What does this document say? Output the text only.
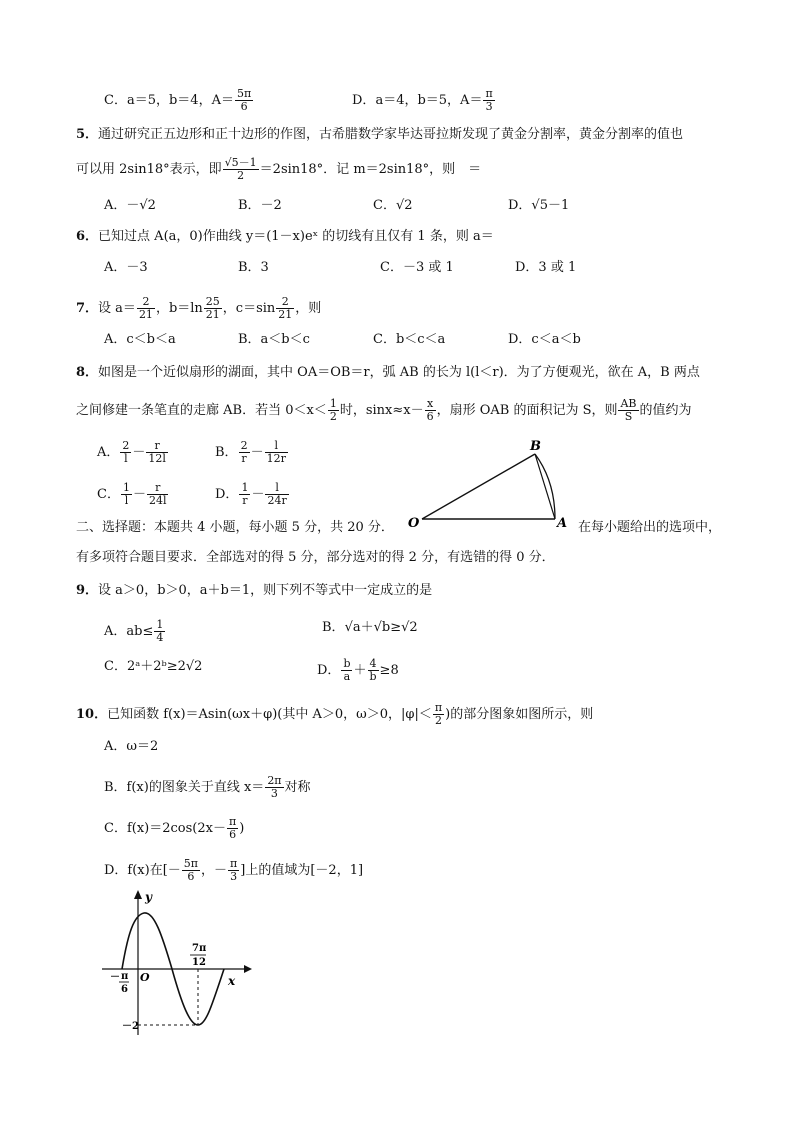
C．a＝5，b＝4，$A= \frac{5\pi}{6}$	D．a＝4，b＝5，$A= \frac{\pi}{3}$
5．通过研究正五边形和正十边形的作图，古希腊数学家毕达哥拉斯发现了黄金分割率，黄金分割率的值也
可以用 2sin18°表示，即 $\frac{√5-1}{2} =2\sin 18^\circ$．记 m＝2sin18°，则　＝
A．－√2	B．－2	C．√2	D．√5－1
6．已知过点 A(a，0)作曲线 y＝(1－x)eˣ 的切线有且仅有 1 条，则 a＝
A．－3	B．3	C．－3 或 1	D．3 或 1
7．设 $a= \frac{2}{21}$ ，$b=\ln \frac{25}{21}$ ，$c=\sin \frac{2}{21}$ ，则
A．c＜b＜a	B．a＜b＜c	C．b＜c＜a	D．c＜a＜b
8．如图是一个近似扇形的湖面，其中 OA＝OB＝r，弧 AB 的长为 l(l＜r)．为了方便观光，欲在 A，B 两点
之间修建一条笔直的走廊 AB．若当 $0<x< \frac{1}{2}$ 时，$\sin x\approx x- \frac{x}{6}$ ，扇形 OAB 的面积记为 S，则 $\frac{AB}{S}$ 的值约为
A． $\frac{2}{l} - \frac{r}{12l}$	B． $\frac{2}{r} - \frac{l}{12r}$
C． $\frac{1}{l} - \frac{r}{24l}$	D． $\frac{1}{r} - \frac{l}{24r}$
O	A
B
二、选择题：本题共 4 小题，每小题 5 分，共 20 分．	在每小题给出的选项中，
有多项符合题目要求．全部选对的得 5 分，部分选对的得 2 分，有选错的得 0 分．
9．设 a＞0，b＞0，a＋b＝1，则下列不等式中一定成立的是
A．$ab\le \frac{1}{4}$	B．√a＋√b≥√2
C．2ᵃ＋2ᵇ≥2√2	D． $\frac{b}{a} + \frac{4}{b} \ge 8$
10．已知函数 f(x)＝Asin(ωx＋φ)(其中 A＞0，ω＞0，$|\varphi|< \frac{\pi}{2}$ )的部分图象如图所示，则
A．ω＝2
B．f(x)的图象关于直线 $x= \frac{2\pi}{3}$ 对称
C．$f(x)=2\cos(2x- \frac{\pi}{6}$ )
D．f(x)在[－ $\frac{5\pi}{6}$ ，－ $\frac{\pi}{3}$ ]上的值域为[－2，1]
y
x
O
－ π
6
7π
12
－2
